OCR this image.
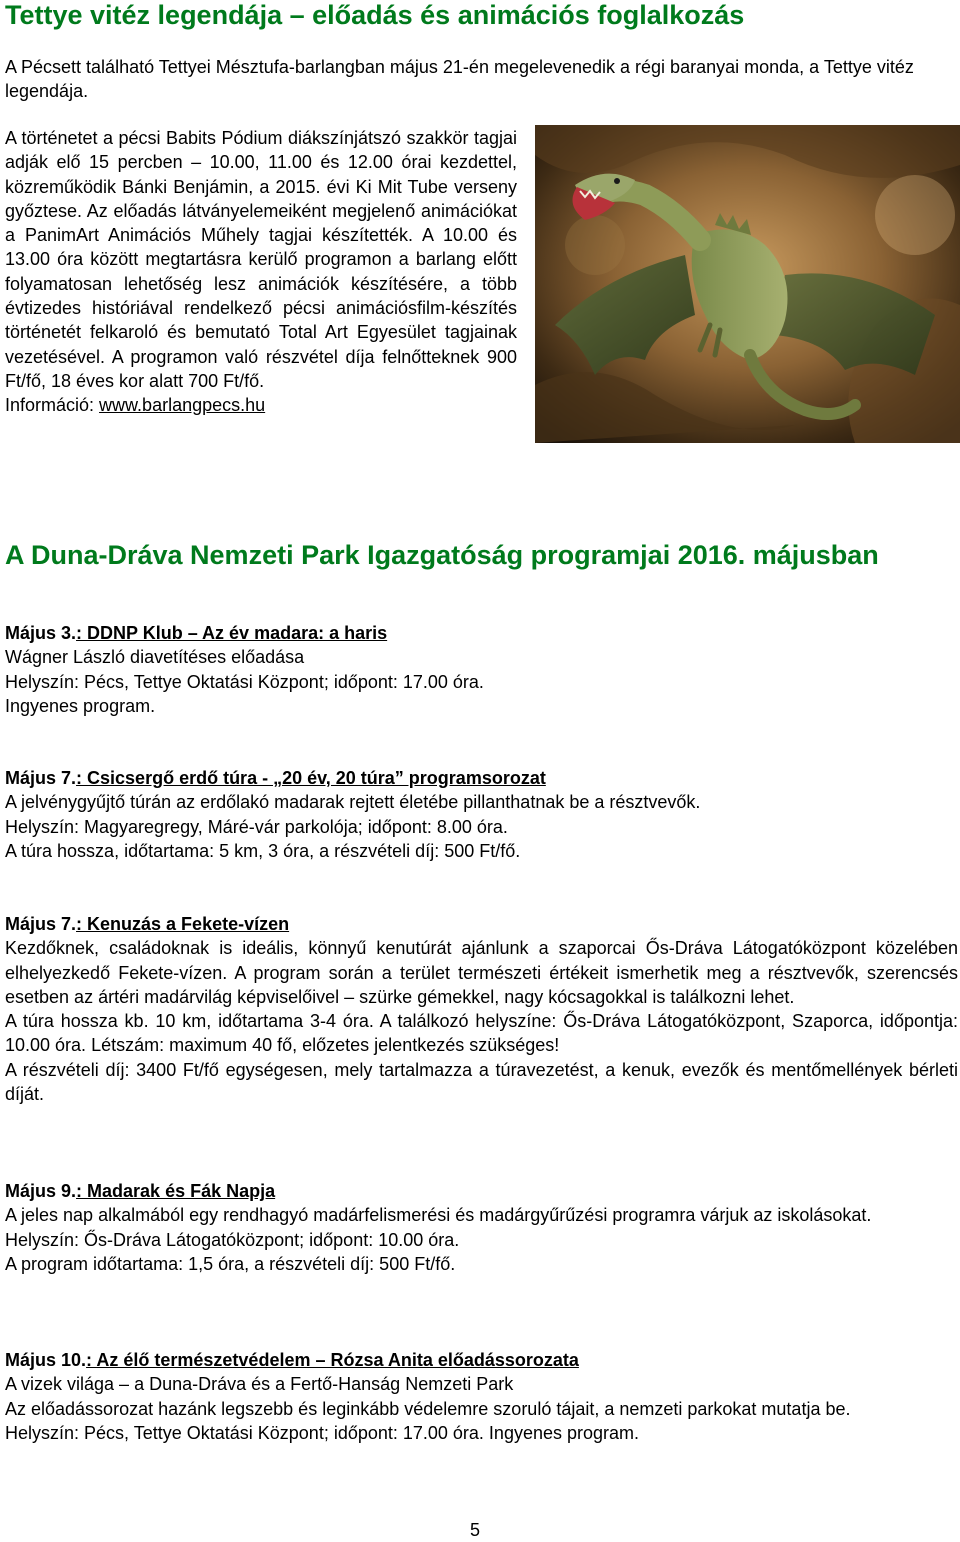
Tettye vitéz legendája – előadás és animációs foglalkozás

A Pécsett található Tettyei Mésztufa-barlangban május 21-én megelevenedik a régi baranyai monda, a Tettye vitéz legendája.

A történetet a pécsi Babits Pódium diákszínjátszó szakkör tagjai adják elő 15 percben – 10.00, 11.00 és 12.00 órai kezdettel, közreműködik Bánki Benjámin, a 2015. évi Ki Mit Tube verseny győztese. Az előadás látványelemeiként megjelenő animációkat a PanimArt Animációs Műhely tagjai készítették. A 10.00 és 13.00 óra között megtartásra kerülő programon a barlang előtt folyamatosan lehetőség lesz animációk készítésére, a több évtizedes históriával rendelkező pécsi animációsfilm-készítés történetét felkaroló és bemutató Total Art Egyesület tagjainak vezetésével. A programon való részvétel díja felnőtteknek 900 Ft/fő, 18 éves kor alatt 700 Ft/fő.
Információ: www.barlangpecs.hu

A Duna-Dráva Nemzeti Park Igazgatóság programjai 2016. májusban

Május 3.: DDNP Klub – Az év madara: a haris

Wágner László diavetítéses előadása

Helyszín: Pécs, Tettye Oktatási Központ; időpont: 17.00 óra.

Ingyenes program.

Május 7.: Csicsergő erdő túra - „20 év, 20 túra” programsorozat

A jelvénygyűjtő túrán az erdőlakó madarak rejtett életébe pillanthatnak be a résztvevők.

Helyszín: Magyaregregy, Máré-vár parkolója; időpont: 8.00 óra.

A túra hossza, időtartama: 5 km, 3 óra, a részvételi díj: 500 Ft/fő.

Május 7.: Kenuzás a Fekete-vízen

Kezdőknek, családoknak is ideális, könnyű kenutúrát ajánlunk a szaporcai Ős-Dráva Látogatóközpont közelében elhelyezkedő Fekete-vízen. A program során a terület természeti értékeit ismerhetik meg a résztvevők, szerencsés esetben az ártéri madárvilág képviselőivel – szürke gémekkel, nagy kócsagokkal is találkozni lehet.

A túra hossza kb. 10 km, időtartama 3-4 óra. A találkozó helyszíne: Ős-Dráva Látogatóközpont, Szaporca, időpontja: 10.00 óra. Létszám: maximum 40 fő, előzetes jelentkezés szükséges!

A részvételi díj: 3400 Ft/fő egységesen, mely tartalmazza a túravezetést, a kenuk, evezők és mentőmellények bérleti díját.

Május 9.: Madarak és Fák Napja

A jeles nap alkalmából egy rendhagyó madárfelismerési és madárgyűrűzési programra várjuk az iskolásokat.

Helyszín: Ős-Dráva Látogatóközpont; időpont: 10.00 óra.

A program időtartama: 1,5 óra, a részvételi díj: 500 Ft/fő.

Május 10.: Az élő természetvédelem – Rózsa Anita előadássorozata

A vizek világa – a Duna-Dráva és a Fertő-Hanság Nemzeti Park

Az előadássorozat hazánk legszebb és leginkább védelemre szoruló tájait, a nemzeti parkokat mutatja be.

Helyszín: Pécs, Tettye Oktatási Központ; időpont: 17.00 óra. Ingyenes program.

5
